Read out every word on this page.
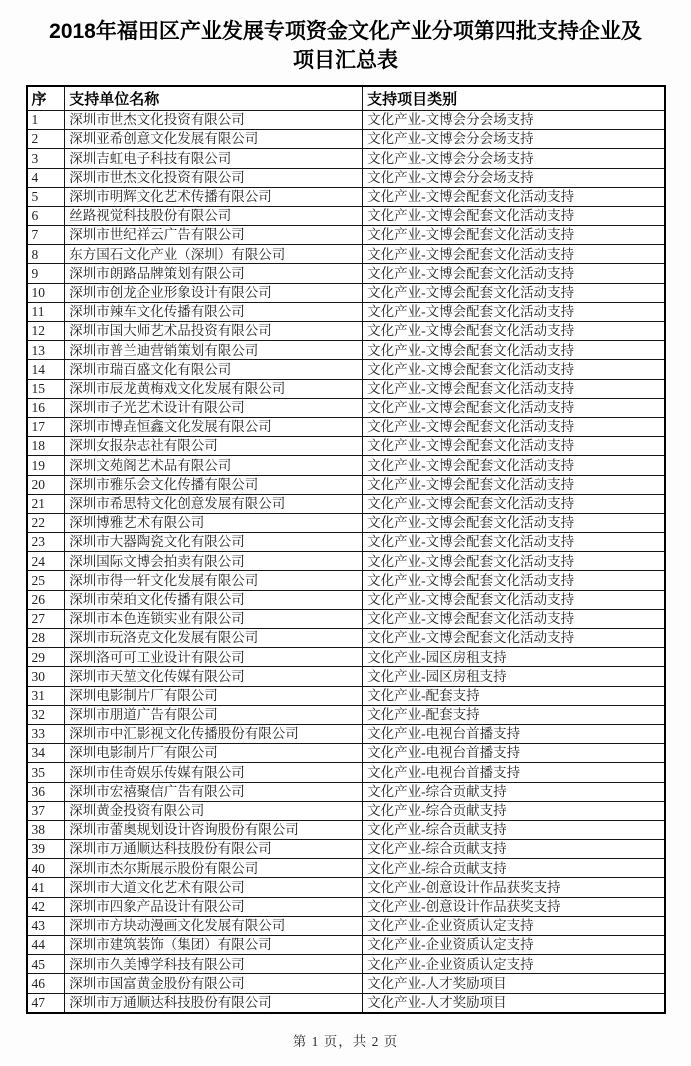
2018年福田区产业发展专项资金文化产业分项第四批支持企业及项目汇总表
序	支持单位名称	支持项目类别
1	深圳市世杰文化投资有限公司	文化产业-文博会分会场支持
2	深圳亚希创意文化发展有限公司	文化产业-文博会分会场支持
3	深圳吉虹电子科技有限公司	文化产业-文博会分会场支持
4	深圳市世杰文化投资有限公司	文化产业-文博会分会场支持
5	深圳市明辉文化艺术传播有限公司	文化产业-文博会配套文化活动支持
6	丝路视觉科技股份有限公司	文化产业-文博会配套文化活动支持
7	深圳市世纪祥云广告有限公司	文化产业-文博会配套文化活动支持
8	东方国石文化产业（深圳）有限公司	文化产业-文博会配套文化活动支持
9	深圳市朗路品牌策划有限公司	文化产业-文博会配套文化活动支持
10	深圳市创龙企业形象设计有限公司	文化产业-文博会配套文化活动支持
11	深圳市辣车文化传播有限公司	文化产业-文博会配套文化活动支持
12	深圳市国大师艺术品投资有限公司	文化产业-文博会配套文化活动支持
13	深圳市普兰迪营销策划有限公司	文化产业-文博会配套文化活动支持
14	深圳市瑞百盛文化有限公司	文化产业-文博会配套文化活动支持
15	深圳市辰龙黄梅戏文化发展有限公司	文化产业-文博会配套文化活动支持
16	深圳市子光艺术设计有限公司	文化产业-文博会配套文化活动支持
17	深圳市博垚恒鑫文化发展有限公司	文化产业-文博会配套文化活动支持
18	深圳女报杂志社有限公司	文化产业-文博会配套文化活动支持
19	深圳文苑阁艺术品有限公司	文化产业-文博会配套文化活动支持
20	深圳市雅乐会文化传播有限公司	文化产业-文博会配套文化活动支持
21	深圳市希思特文化创意发展有限公司	文化产业-文博会配套文化活动支持
22	深圳博雅艺术有限公司	文化产业-文博会配套文化活动支持
23	深圳市大器陶瓷文化有限公司	文化产业-文博会配套文化活动支持
24	深圳国际文博会拍卖有限公司	文化产业-文博会配套文化活动支持
25	深圳市得一轩文化发展有限公司	文化产业-文博会配套文化活动支持
26	深圳市荣珀文化传播有限公司	文化产业-文博会配套文化活动支持
27	深圳市本色连锁实业有限公司	文化产业-文博会配套文化活动支持
28	深圳市玩洛克文化发展有限公司	文化产业-文博会配套文化活动支持
29	深圳洛可可工业设计有限公司	文化产业-园区房租支持
30	深圳市天堃文化传媒有限公司	文化产业-园区房租支持
31	深圳电影制片厂有限公司	文化产业-配套支持
32	深圳市朋道广告有限公司	文化产业-配套支持
33	深圳市中汇影视文化传播股份有限公司	文化产业-电视台首播支持
34	深圳电影制片厂有限公司	文化产业-电视台首播支持
35	深圳市佳奇娱乐传媒有限公司	文化产业-电视台首播支持
36	深圳市宏禧聚信广告有限公司	文化产业-综合贡献支持
37	深圳黄金投资有限公司	文化产业-综合贡献支持
38	深圳市蕾奥规划设计咨询股份有限公司	文化产业-综合贡献支持
39	深圳市万通顺达科技股份有限公司	文化产业-综合贡献支持
40	深圳市杰尔斯展示股份有限公司	文化产业-综合贡献支持
41	深圳市大道文化艺术有限公司	文化产业-创意设计作品获奖支持
42	深圳市四象产品设计有限公司	文化产业-创意设计作品获奖支持
43	深圳市方块动漫画文化发展有限公司	文化产业-企业资质认定支持
44	深圳市建筑装饰（集团）有限公司	文化产业-企业资质认定支持
45	深圳市久美博学科技有限公司	文化产业-企业资质认定支持
46	深圳市国富黄金股份有限公司	文化产业-人才奖励项目
47	深圳市万通顺达科技股份有限公司	文化产业-人才奖励项目
第 1 页，共 2 页
